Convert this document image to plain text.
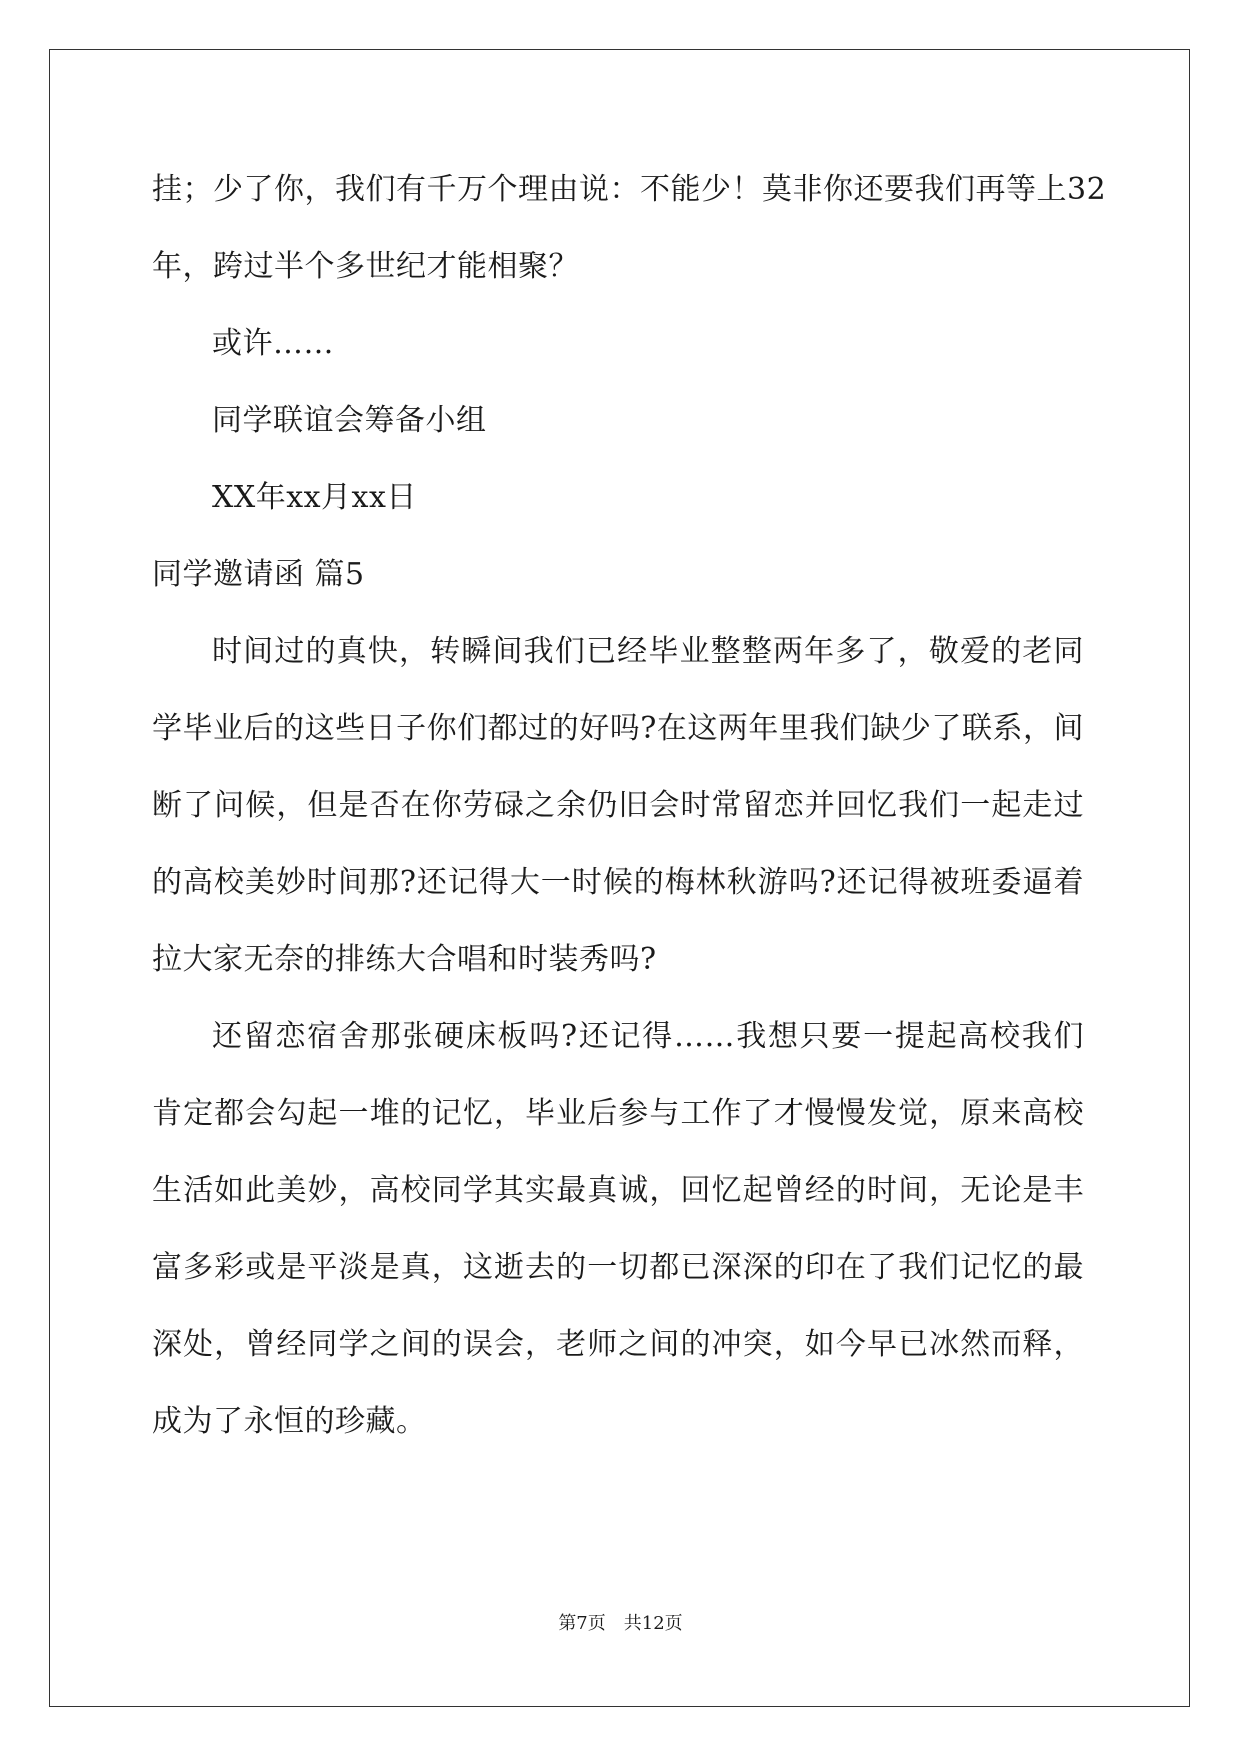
挂；少了你，我们有千万个理由说：不能少！莫非你还要我们再等上32
年，跨过半个多世纪才能相聚？
或许……
同学联谊会筹备小组
XX年xx月xx日
同学邀请函 篇5
时间过的真快，转瞬间我们已经毕业整整两年多了，敬爱的老同
学毕业后的这些日子你们都过的好吗?在这两年里我们缺少了联系，间
断了问候，但是否在你劳碌之余仍旧会时常留恋并回忆我们一起走过
的高校美妙时间那?还记得大一时候的梅林秋游吗?还记得被班委逼着
拉大家无奈的排练大合唱和时装秀吗?
还留恋宿舍那张硬床板吗?还记得……我想只要一提起高校我们
肯定都会勾起一堆的记忆，毕业后参与工作了才慢慢发觉，原来高校
生活如此美妙，高校同学其实最真诚，回忆起曾经的时间，无论是丰
富多彩或是平淡是真，这逝去的一切都已深深的印在了我们记忆的最
深处，曾经同学之间的误会，老师之间的冲突，如今早已冰然而释，
成为了永恒的珍藏。
第7页　共12页
